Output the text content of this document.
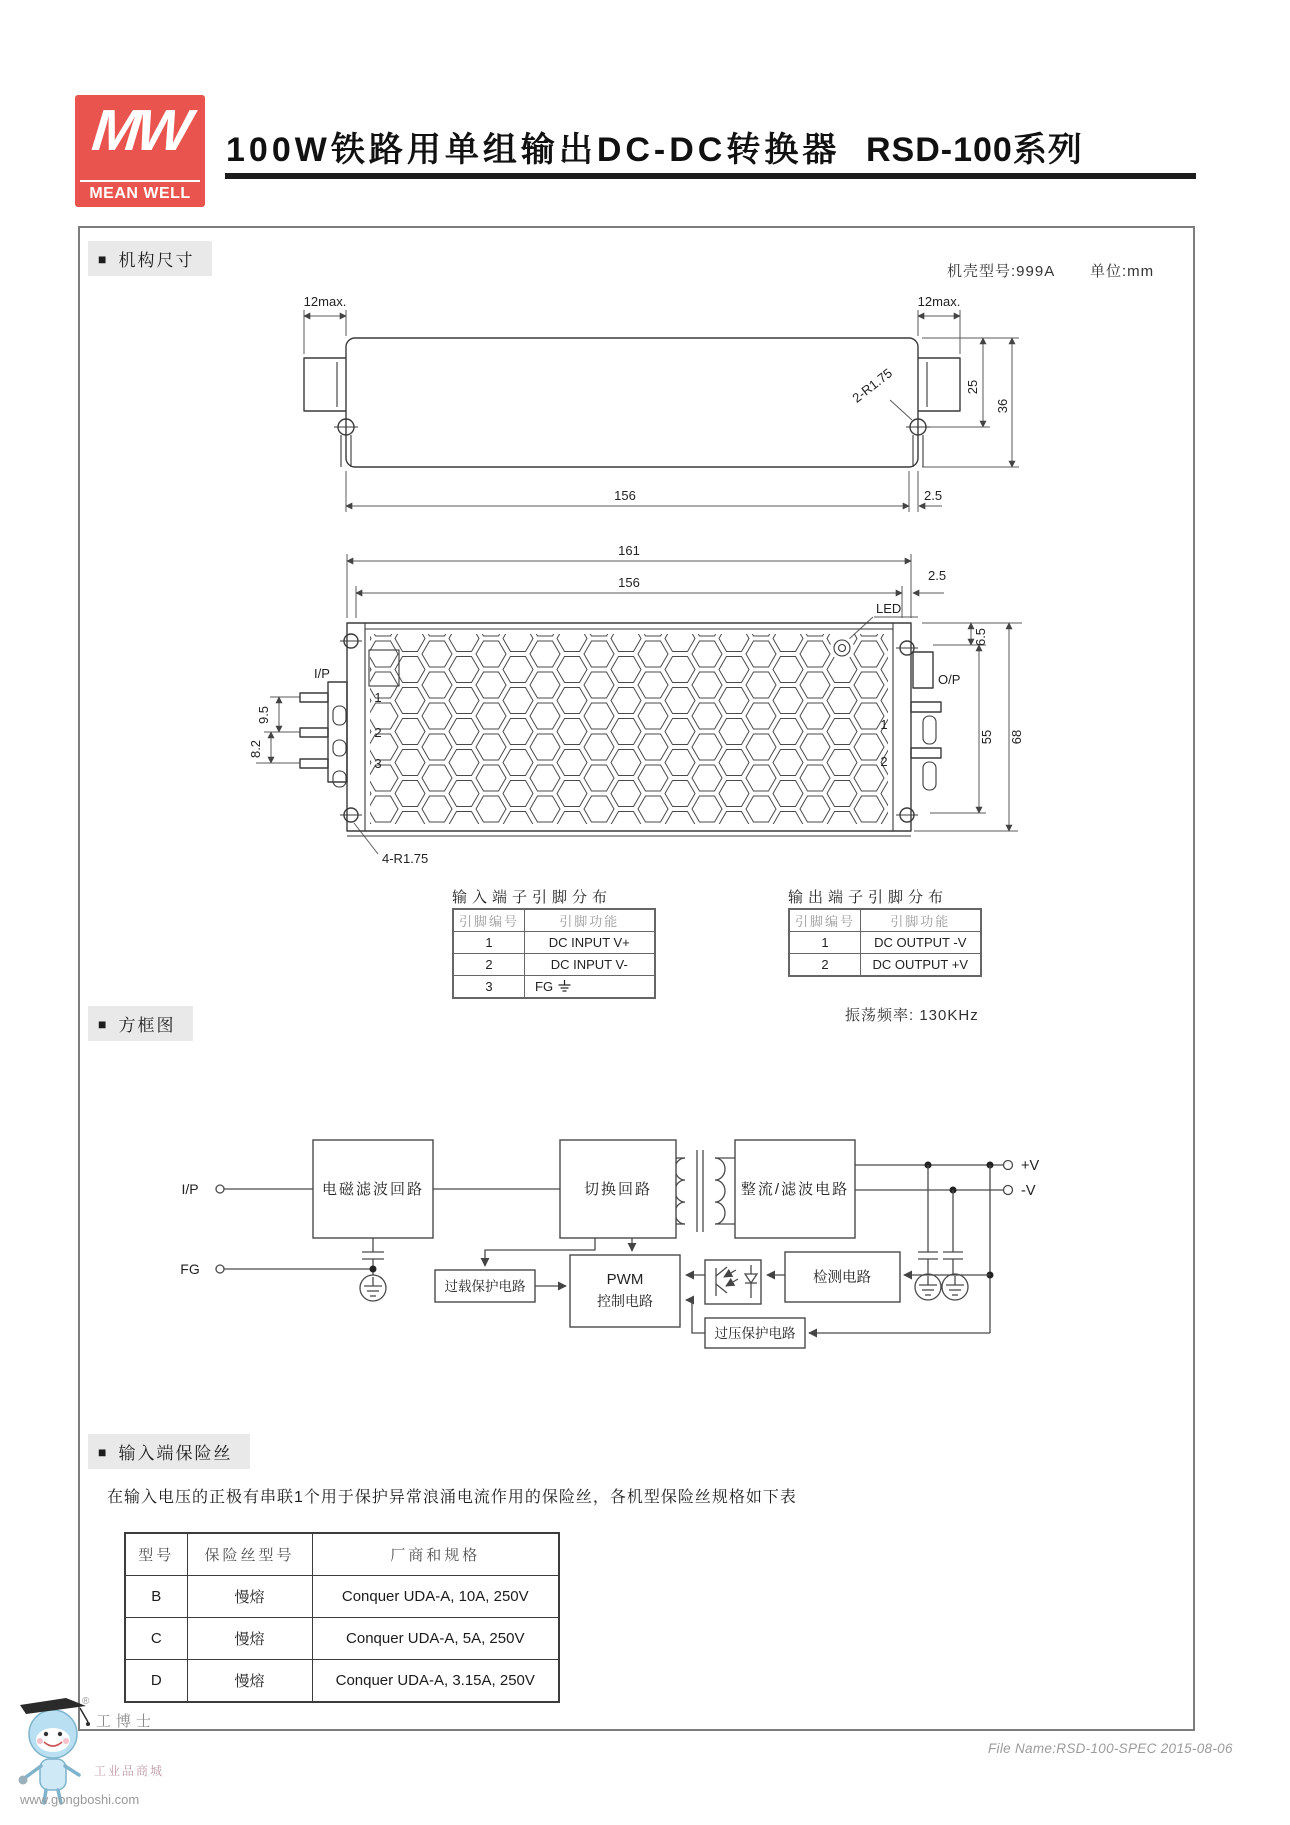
MW
MEAN WELL
100W铁路用单组输出DC-DC转换器 RSD-100系列
■ 机构尺寸
机壳型号:999A 单位:mm
12max.	12max.
2-R1.75	25
36
156	2.5
161
156	2.5
LED
6.5
55 68
9.5
8.2
4-R1.75
I/P	O/P
1
2
3
1
2
输入端子引脚分布
引脚编号	引脚功能
1	DC INPUT V+
2	DC INPUT V-
3	FG
输出端子引脚分布
引脚编号	引脚功能
1	DC OUTPUT -V
2	DC OUTPUT +V
■ 方框图
振荡频率: 130KHz
I/P
FG
电磁滤波回路	切换回路	整流/滤波电路
过载保护电路	PWM
控制电路
检测电路
过压保护电路
+V
-V
■ 输入端保险丝
在输入电压的正极有串联1个用于保护异常浪涌电流作用的保险丝，各机型保险丝规格如下表
型号	保险丝型号	厂商和规格
B	慢熔	Conquer UDA-A, 10A, 250V
C	慢熔	Conquer UDA-A, 5A, 250V
D	慢熔	Conquer UDA-A, 3.15A, 250V
®
工博士
工业品商城
www.gongboshi.com
File Name:RSD-100-SPEC 2015-08-06
